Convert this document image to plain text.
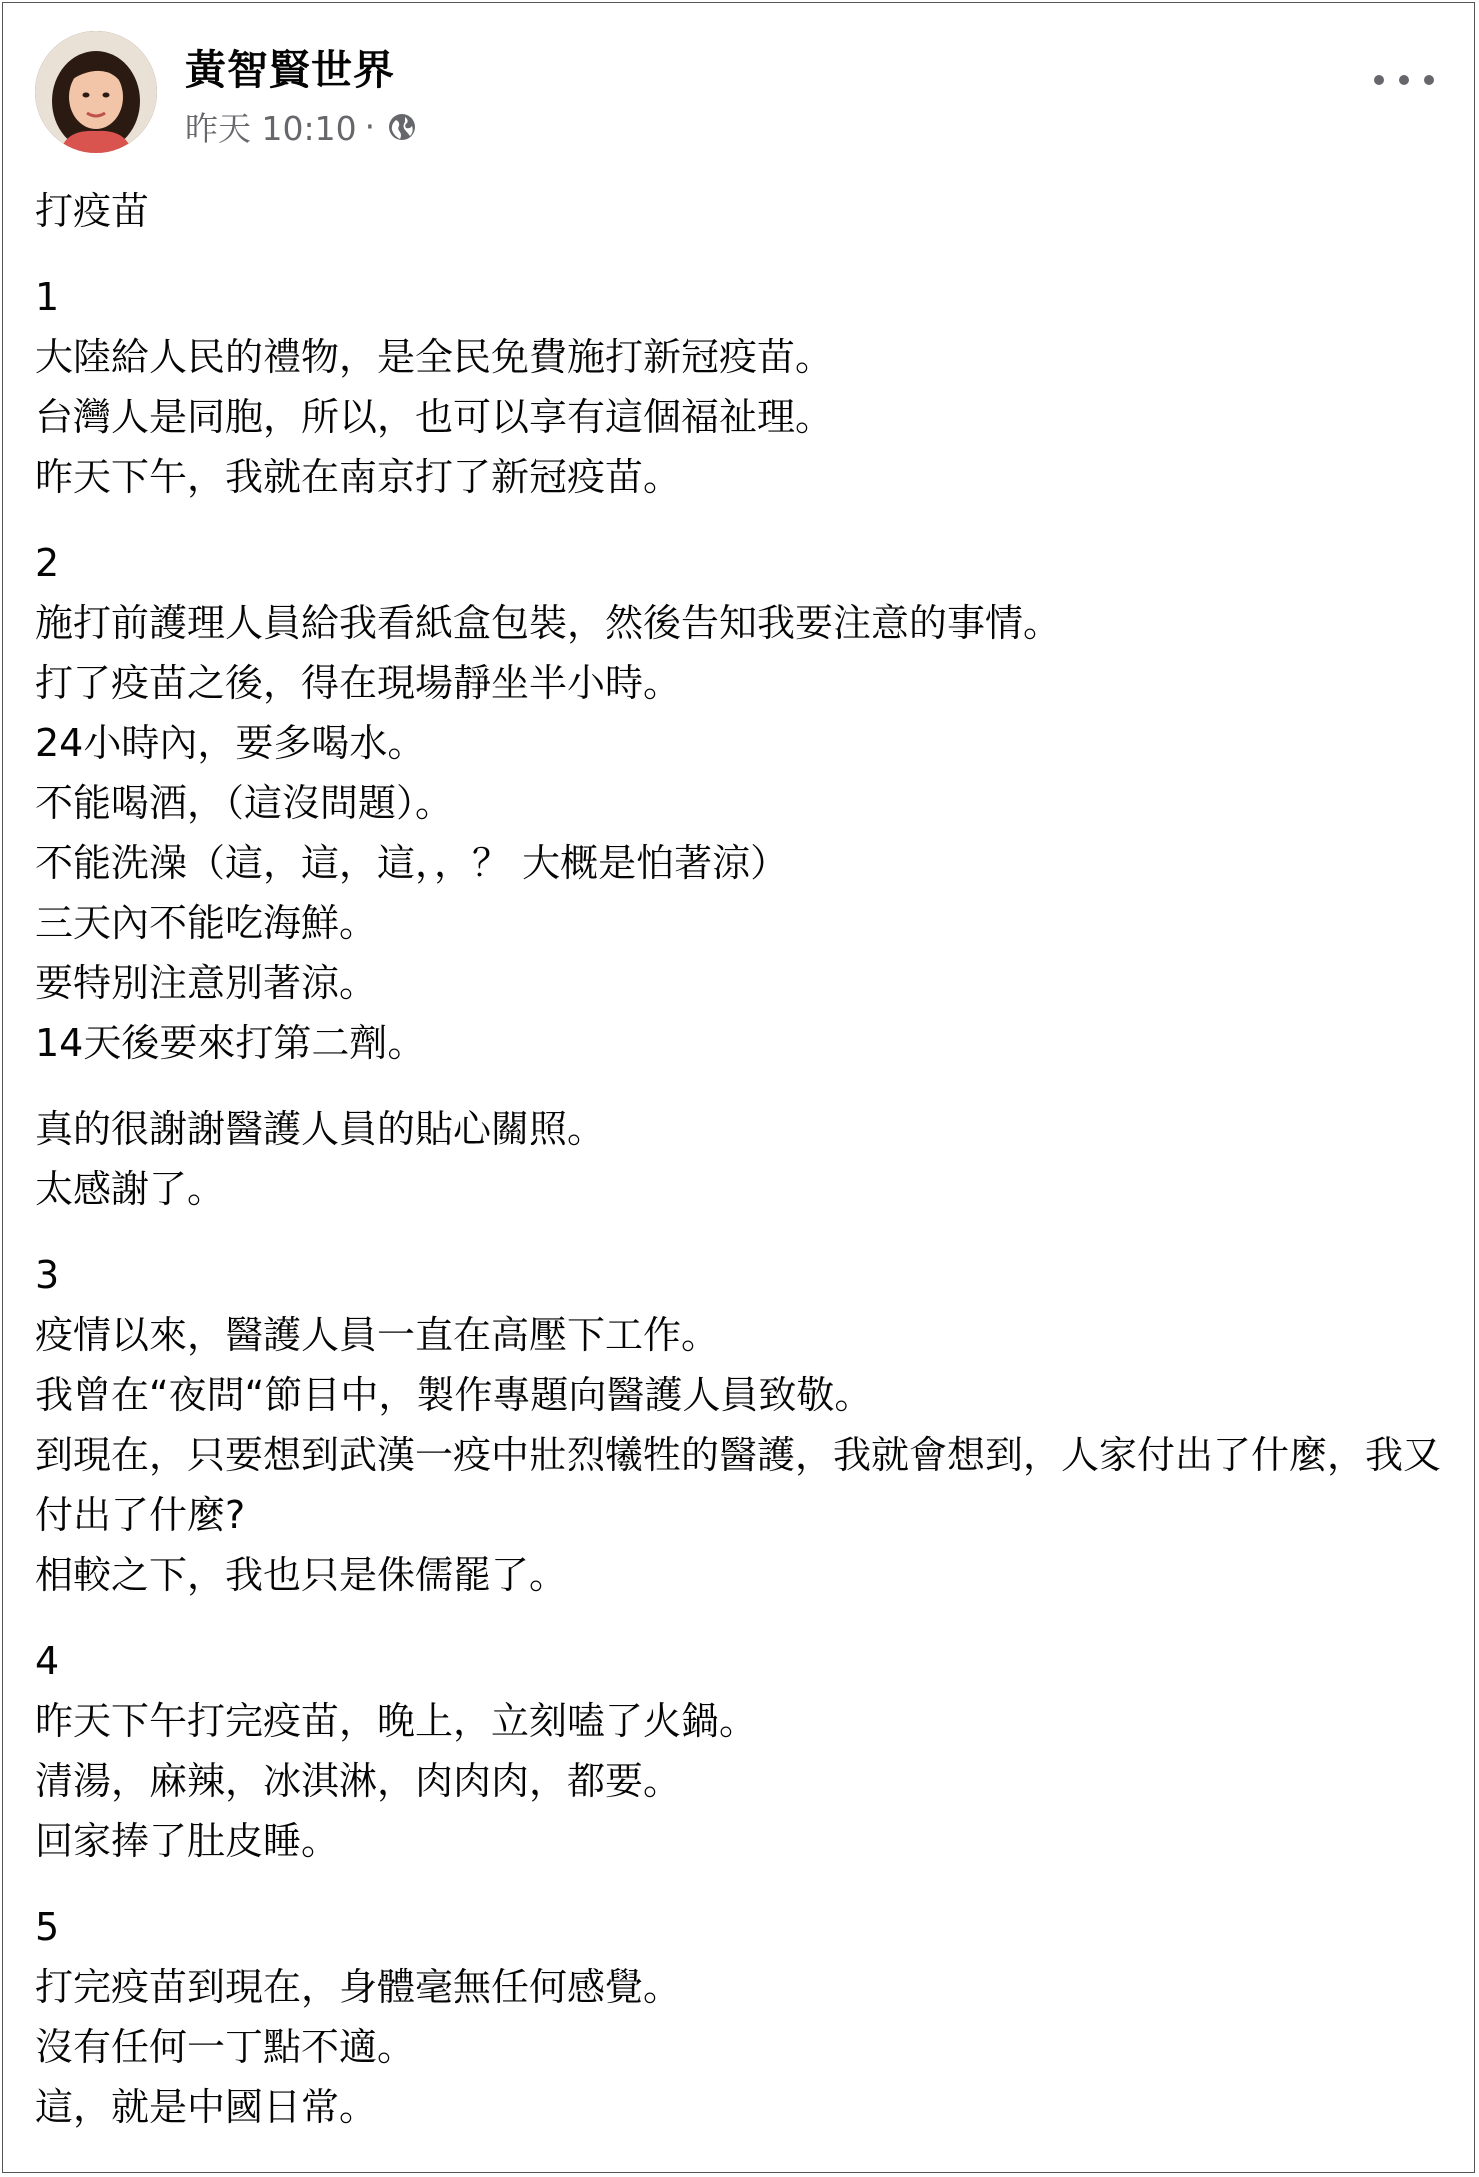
黃智賢世界
昨天 10:10 ·

打疫苗

1
大陸給人民的禮物，是全民免費施打新冠疫苗。
台灣人是同胞，所以，也可以享有這個福祉理。
昨天下午，我就在南京打了新冠疫苗。

2
施打前護理人員給我看紙盒包裝，然後告知我要注意的事情。
打了疫苗之後，得在現場靜坐半小時。
24小時內，要多喝水。
不能喝酒，（這沒問題）。
不能洗澡（這，這，這，，？ 大概是怕著涼）
三天內不能吃海鮮。
要特別注意別著涼。
14天後要來打第二劑。

真的很謝謝醫護人員的貼心關照。
太感謝了。

3
疫情以來，醫護人員一直在高壓下工作。
我曾在“夜問“節目中，製作專題向醫護人員致敬。
到現在，只要想到武漢一疫中壯烈犧牲的醫護，我就會想到，人家付出了什麼，我又付出了什麼?
相較之下，我也只是侏儒罷了。

4
昨天下午打完疫苗，晚上，立刻嗑了火鍋。
清湯，麻辣，冰淇淋，肉肉肉，都要。
回家捧了肚皮睡。

5
打完疫苗到現在，身體毫無任何感覺。
沒有任何一丁點不適。
這，就是中國日常。
